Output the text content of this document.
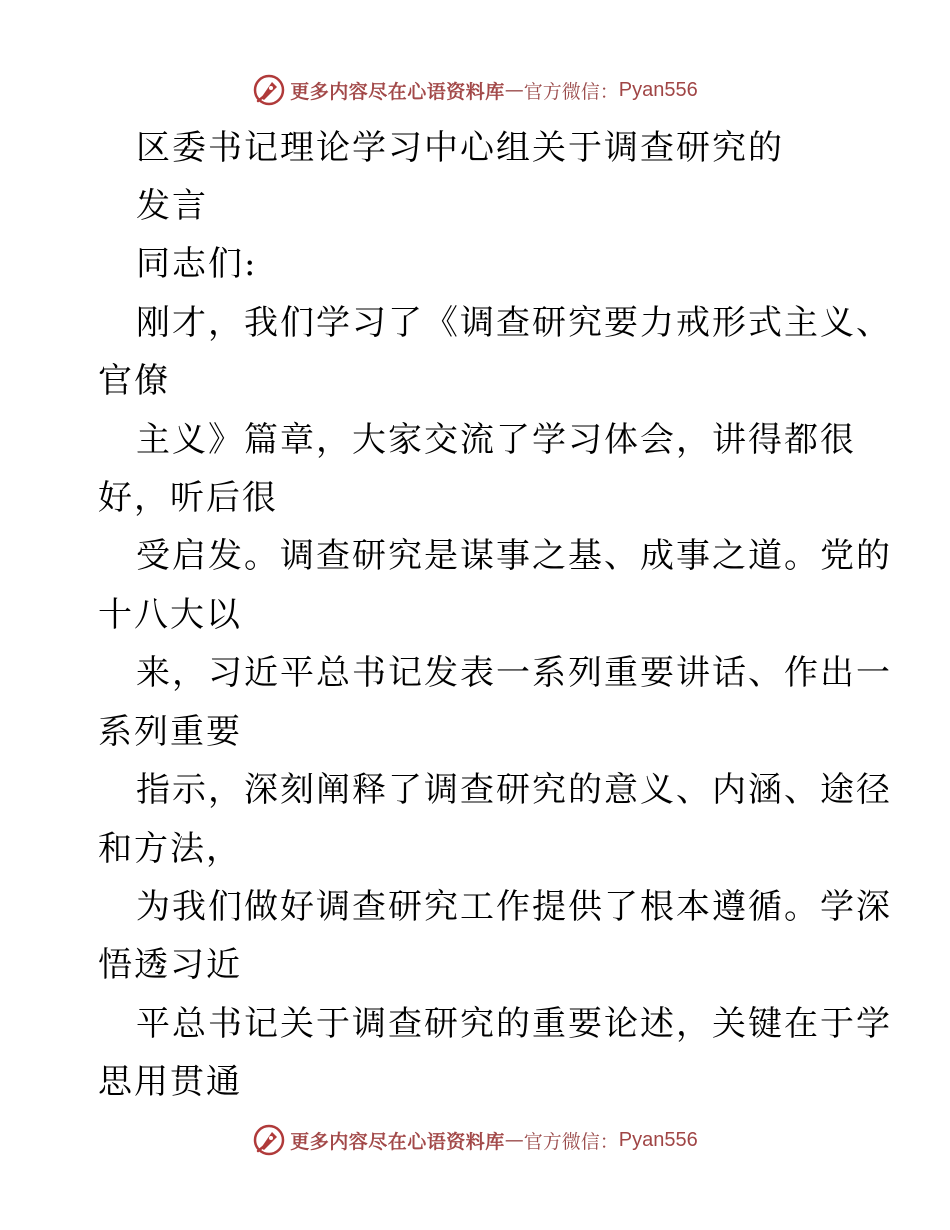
更多内容尽在心语资料库 — 官方微信： Pyan556
区委书记理论学习中心组关于调查研究的
发言
同志们:
刚才，我们学习了《调查研究要力戒形式主义、
官僚
主义》篇章，大家交流了学习体会，讲得都很
好，听后很
受启发。调查研究是谋事之基、成事之道。党的
十八大以
来，习近平总书记发表一系列重要讲话、作出一
系列重要
指示，深刻阐释了调查研究的意义、内涵、途径
和方法，
为我们做好调查研究工作提供了根本遵循。学深
悟透习近
平总书记关于调查研究的重要论述，关键在于学
思用贯通
更多内容尽在心语资料库 — 官方微信： Pyan556
